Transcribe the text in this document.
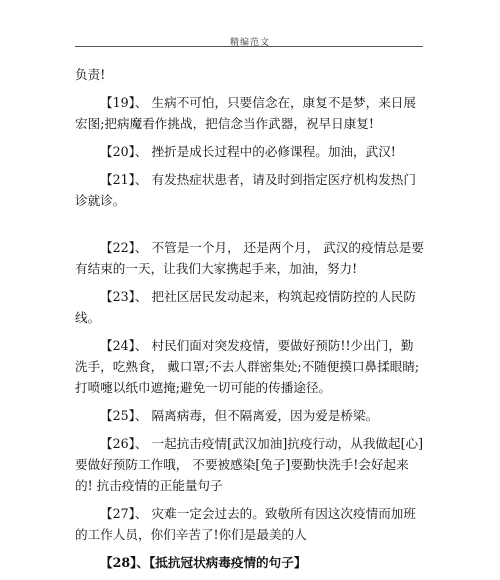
精编范文

负责!

【19】、 生病不可怕，只要信念在，康复不是梦，来日展宏图;把病魔看作挑战，把信念当作武器，祝早日康复!

【20】、 挫折是成长过程中的必修课程。加油，武汉!

【21】、 有发热症状患者，请及时到指定医疗机构发热门诊就诊。

【22】、 不管是一个月， 还是两个月， 武汉的疫情总是要有结束的一天，让我们大家携起手来，加油，努力!

【23】、 把社区居民发动起来，构筑起疫情防控的人民防线。

【24】、 村民们面对突发疫情，要做好预防!!少出门，勤洗手，吃熟食， 戴口罩;不去人群密集处;不随便摸口鼻揉眼睛;打喷嚏以纸巾遮掩;避免一切可能的传播途径。

【25】、 隔离病毒，但不隔离爱，因为爱是桥梁。

【26】、 一起抗击疫情[武汉加油]抗疫行动，从我做起[心]要做好预防工作哦， 不要被感染[兔子]要勤快洗手!会好起来的! 抗击疫情的正能量句子

【27】、 灾难一定会过去的。致敬所有因这次疫情而加班的工作人员，你们辛苦了!你们是最美的人

【28】、【抵抗冠状病毒疫情的句子】
